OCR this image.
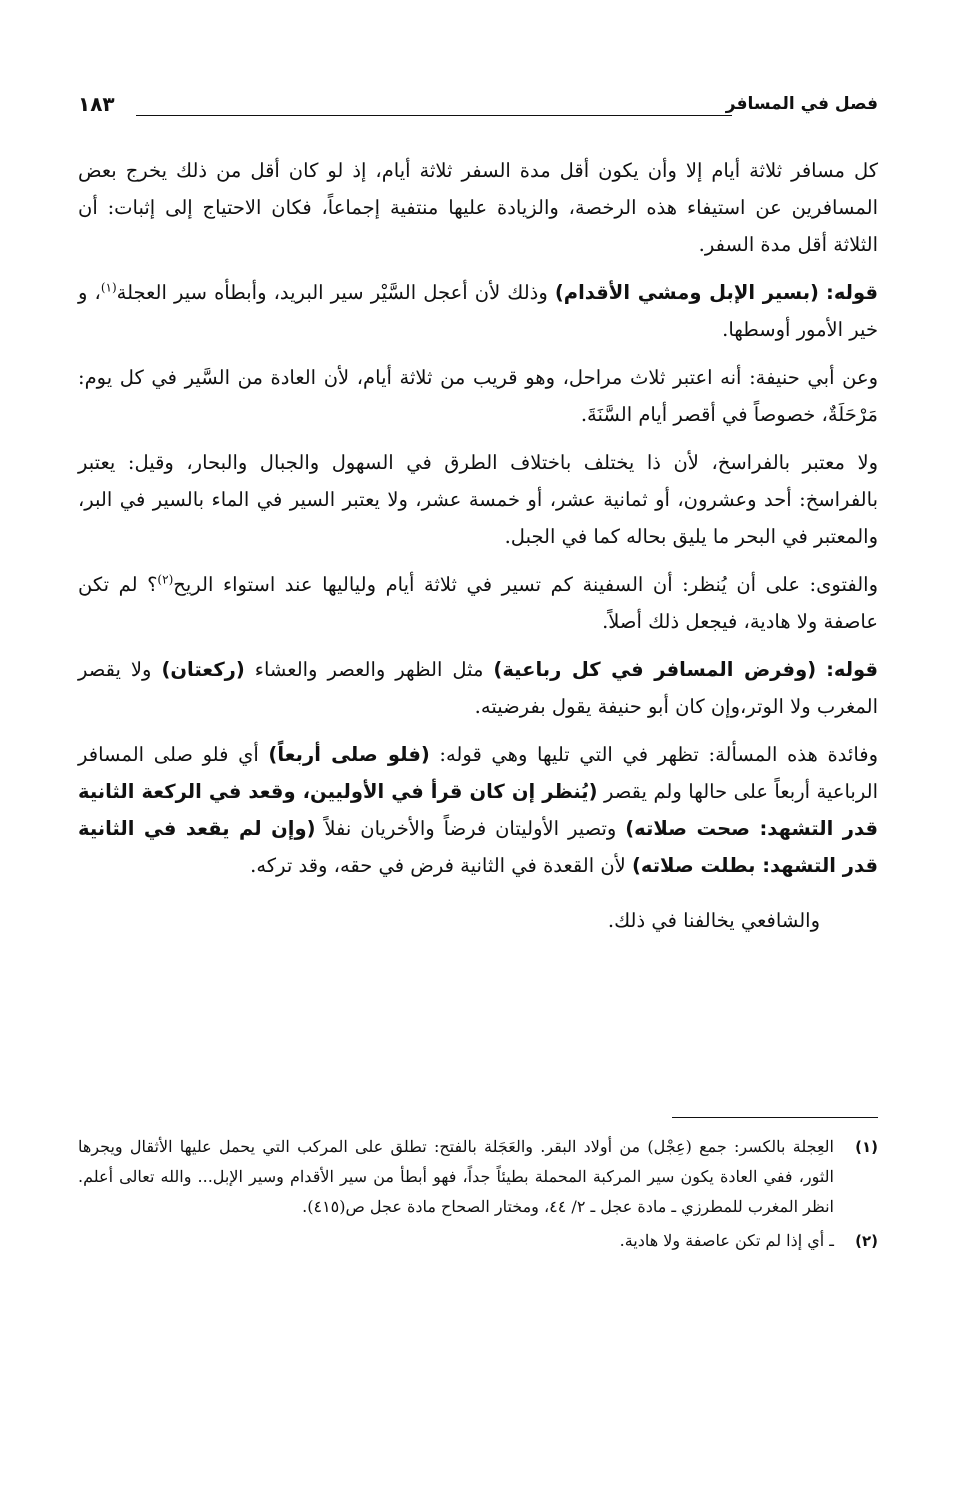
١٨٣	فصل في المسافر

كل مسافر ثلاثة أيام إلا وأن يكون أقل مدة السفر ثلاثة أيام، إذ لو كان أقل من ذلك يخرج بعض المسافرين عن استيفاء هذه الرخصة، والزيادة عليها منتفية إجماعاً، فكان الاحتياج إلى إثبات: أن الثلاثة أقل مدة السفر.

قوله: (بسير الإبل ومشي الأقدام) وذلك لأن أعجل السَّيْر سير البريد، وأبطأه سير العجلة$^{(١)}$، و خير الأمور أوسطها.

وعن أبي حنيفة: أنه اعتبر ثلاث مراحل، وهو قريب من ثلاثة أيام، لأن العادة من السَّير في كل يوم: مَرْحَلَةٌ، خصوصاً في أقصر أيام السَّنَةَ.

ولا معتبر بالفراسخ، لأن ذا يختلف باختلاف الطرق في السهول والجبال والبحار، وقيل: يعتبر بالفراسخ: أحد وعشرون، أو ثمانية عشر، أو خمسة عشر، ولا يعتبر السير في الماء بالسير في البر، والمعتبر في البحر ما يليق بحاله كما في الجبل.

والفتوى: على أن يُنظر: أن السفينة كم تسير في ثلاثة أيام ولياليها عند استواء الريح$^{(٢)}$؟ لم تكن عاصفة ولا هادية، فيجعل ذلك أصلاً.

قوله: (وفرض المسافر في كل رباعية) مثل الظهر والعصر والعشاء (ركعتان) ولا يقصر المغرب ولا الوتر،وإن كان أبو حنيفة يقول بفرضيته.

وفائدة هذه المسألة: تظهر في التي تليها وهي قوله: (فلو صلى أربعاً) أي فلو صلى المسافر الرباعية أربعاً على حالها ولم يقصر (يُنظر إن كان قرأ في الأوليين، وقعد في الركعة الثانية قدر التشهد: صحت صلاته) وتصير الأوليتان فرضاً والأخريان نفلاً (وإن لم يقعد في الثانية قدر التشهد: بطلت صلاته) لأن القعدة في الثانية فرض في حقه، وقد تركه.

والشافعي يخالفنا في ذلك.

(١)
العِجلة بالكسر: جمع (عِجْل) من أولاد البقر. والعَجَلة بالفتح: تطلق على المركب التي يحمل عليها الأثقال ويجرها الثور، ففي العادة يكون سير المركبة المحملة بطيئاً جداً، فهو أبطأ من سير الأقدام وسير الإبل... والله تعالى أعلم. انظر المغرب للمطرزي ـ مادة عجل ـ ٢/ ٤٤، ومختار الصحاح مادة عجل ص(٤١٥).
(٢)
ـ أي إذا لم تكن عاصفة ولا هادية.
